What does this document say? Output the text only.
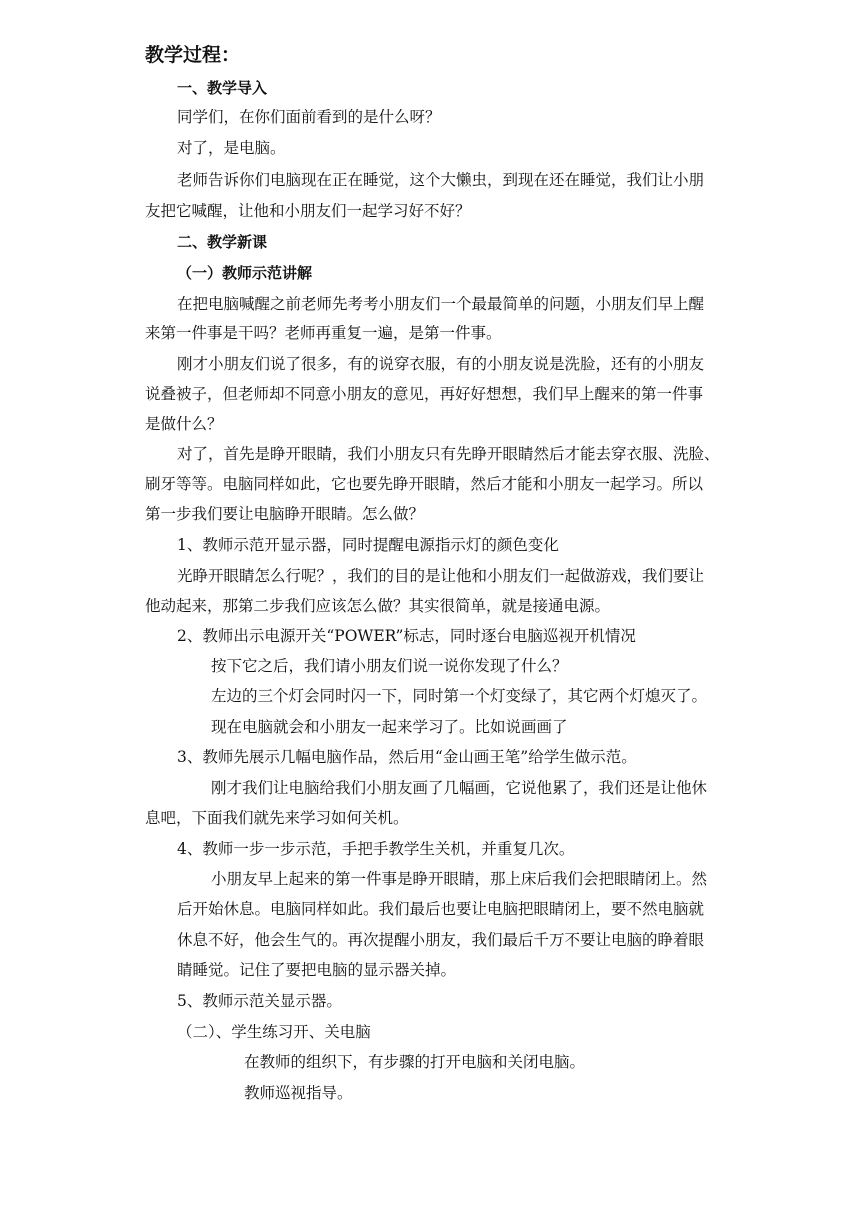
教学过程：
一、教学导入
同学们，在你们面前看到的是什么呀？
对了，是电脑。
老师告诉你们电脑现在正在睡觉，这个大懒虫，到现在还在睡觉，我们让小朋
友把它喊醒，让他和小朋友们一起学习好不好？
二、教学新课
（一）教师示范讲解
在把电脑喊醒之前老师先考考小朋友们一个最最简单的问题，小朋友们早上醒
来第一件事是干吗？老师再重复一遍，是第一件事。
刚才小朋友们说了很多，有的说穿衣服，有的小朋友说是洗脸，还有的小朋友
说叠被子，但老师却不同意小朋友的意见，再好好想想，我们早上醒来的第一件事
是做什么？
对了，首先是睁开眼睛，我们小朋友只有先睁开眼睛然后才能去穿衣服、洗脸、
刷牙等等。电脑同样如此，它也要先睁开眼睛，然后才能和小朋友一起学习。所以
第一步我们要让电脑睁开眼睛。怎么做？
1、教师示范开显示器，同时提醒电源指示灯的颜色变化
光睁开眼睛怎么行呢？，我们的目的是让他和小朋友们一起做游戏，我们要让
他动起来，那第二步我们应该怎么做？其实很简单，就是接通电源。
2、教师出示电源开关“POWER”标志，同时逐台电脑巡视开机情况
按下它之后，我们请小朋友们说一说你发现了什么？
左边的三个灯会同时闪一下，同时第一个灯变绿了，其它两个灯熄灭了。
现在电脑就会和小朋友一起来学习了。比如说画画了
3、教师先展示几幅电脑作品，然后用“金山画王笔”给学生做示范。
刚才我们让电脑给我们小朋友画了几幅画，它说他累了，我们还是让他休
息吧，下面我们就先来学习如何关机。
4、教师一步一步示范，手把手教学生关机，并重复几次。
小朋友早上起来的第一件事是睁开眼睛，那上床后我们会把眼睛闭上。然
后开始休息。电脑同样如此。我们最后也要让电脑把眼睛闭上，要不然电脑就
休息不好，他会生气的。再次提醒小朋友，我们最后千万不要让电脑的睁着眼
睛睡觉。记住了要把电脑的显示器关掉。
5、教师示范关显示器。
（二）、学生练习开、关电脑
在教师的组织下，有步骤的打开电脑和关闭电脑。
教师巡视指导。
